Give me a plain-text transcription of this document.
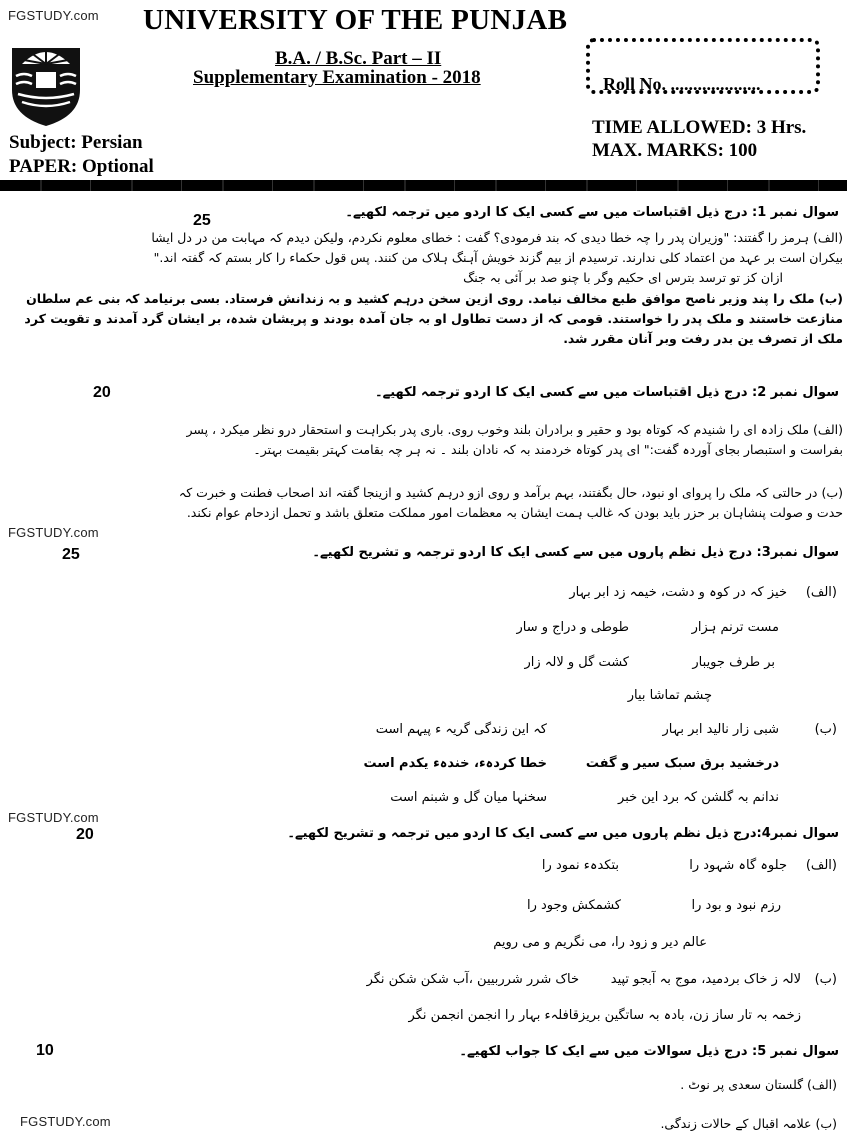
FGSTUDY.com
FGSTUDY.com
FGSTUDY.com
FGSTUDY.com
UNIVERSITY OF THE PUNJAB
B.A. / B.Sc. Part – II
Supplementary Examination - 2018
Subject: Persian
PAPER: Optional
Roll No. ....................
TIME ALLOWED: 3 Hrs.
MAX. MARKS: 100
سوال نمبر 1: درج ذیل اقتباسات میں سے کسی ایک کا اردو میں ترجمہ لکھیے۔
25
(الف) ہرمز را گفتند: "وزیران پدر را چہ خطا دیدی کہ بند فرمودی؟ گفت : خطای معلوم نکردم، ولیکن دیدم کہ مہابت من در دل ایشا
بیکران است بر عہد من اعتماد کلی ندارند. ترسیدم از بیم گزند خویش آہنگ ہلاک من کنند. پس قول حکماء را کار بستم کہ گفتہ اند."
ازان کز تو ترسد بترس ای حکیم وگر با چنو صد بر آئی بہ جنگ
(ب) ملک را پند وزیر ناصح موافق طبع مخالف نیامد. روی ازین سخن درہم کشید و بہ زندانش فرستاد. بسی برنیامد کہ بنی عم سلطان
منازعت خاستند و ملک پدر را خواستند. قومی کہ از دست تطاول او بہ جان آمدہ بودند و پریشان شدہ، بر ایشان گرد آمدند و تقویت کرد
ملک از تصرف ین بدر رفت وبر آنان مقرر شد.
سوال نمبر 2: درج ذیل اقتباسات میں سے کسی ایک کا اردو ترجمہ لکھیے۔
20
(الف) ملک زادہ ای را شنیدم کہ کوتاہ بود و حقیر و برادران بلند وخوب روی. باری پدر بکراہت و استحقار درو نظر میکرد ، پسر
بفراست و استبصار بجای آوردہ گفت:" ای پدر کوتاہ خردمند بہ کہ نادان بلند ۔ نہ ہر چہ بقامت کہتر بقیمت بہتر۔
(ب) در حالتی کہ ملک را پروای او نبود، حال بگفتند، بہم برآمد و روی ازو درہم کشید و ازینجا گفتہ اند اصحاب فطنت و خبرت کہ
حدت و صولت پنشاہان بر حزر باید بودن کہ غالب ہمت ایشان بہ معظمات امور مملکت متعلق باشد و تحمل ازدحام عوام نکند.
سوال نمبر3: درج ذیل نظم پاروں میں سے کسی ایک کا اردو ترجمہ و تشریح لکھیے۔
25
(الف)
خیز کہ در کوہ و دشت، خیمہ زد ابر بہار
مست ترنم ہزار
طوطی و دراج و سار
بر طرف جویبار
کشت گل و لالہ زار
چشم تماشا بیار
(ب)
شبی زار نالید ابر بہار
کہ این زندگی گریہ ء پیہم است
درخشید برق سبک سیر و گفت
خطا کردہء، خندہء یکدم است
ندانم بہ گلشن کہ برد این خبر
سخنہا میان گل و شبنم است
سوال نمبر4:درج ذیل نظم پاروں میں سے کسی ایک کا اردو میں ترجمہ و تشریح لکھیے۔
20
(الف)
جلوہ گاہ شہود را
بتکدہء نمود را
رزم نبود و بود را
کشمکش وجود را
عالم دیر و زود را، می نگریم و می رویم
(ب)
لالہ ز خاک بردمید، موج بہ آبجو تپید
خاک شرر شرربیین ،آب شکن شکن نگر
زخمہ بہ تار ساز زن، بادہ بہ ساتگین بریز
قافلہء بہار را انجمن انجمن نگر
سوال نمبر 5: درج ذیل سوالات میں سے ایک کا جواب لکھیے۔
10
(الف) گلستان سعدی پر نوٹ .
(ب) علامہ اقبال کے حالات زندگی.
